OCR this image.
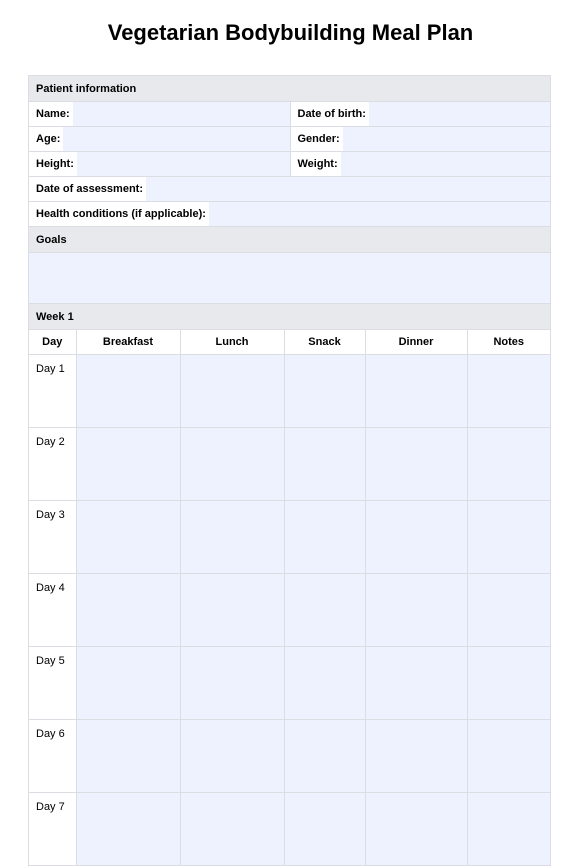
Vegetarian Bodybuilding Meal Plan
Patient information
Name:	Date of birth:
Age:	Gender:
Height:	Weight:
Date of assessment:
Health conditions (if applicable):
Goals
Week 1
Day	Breakfast	Lunch	Snack	Dinner	Notes
Day 1					
Day 2					
Day 3					
Day 4					
Day 5					
Day 6					
Day 7					
